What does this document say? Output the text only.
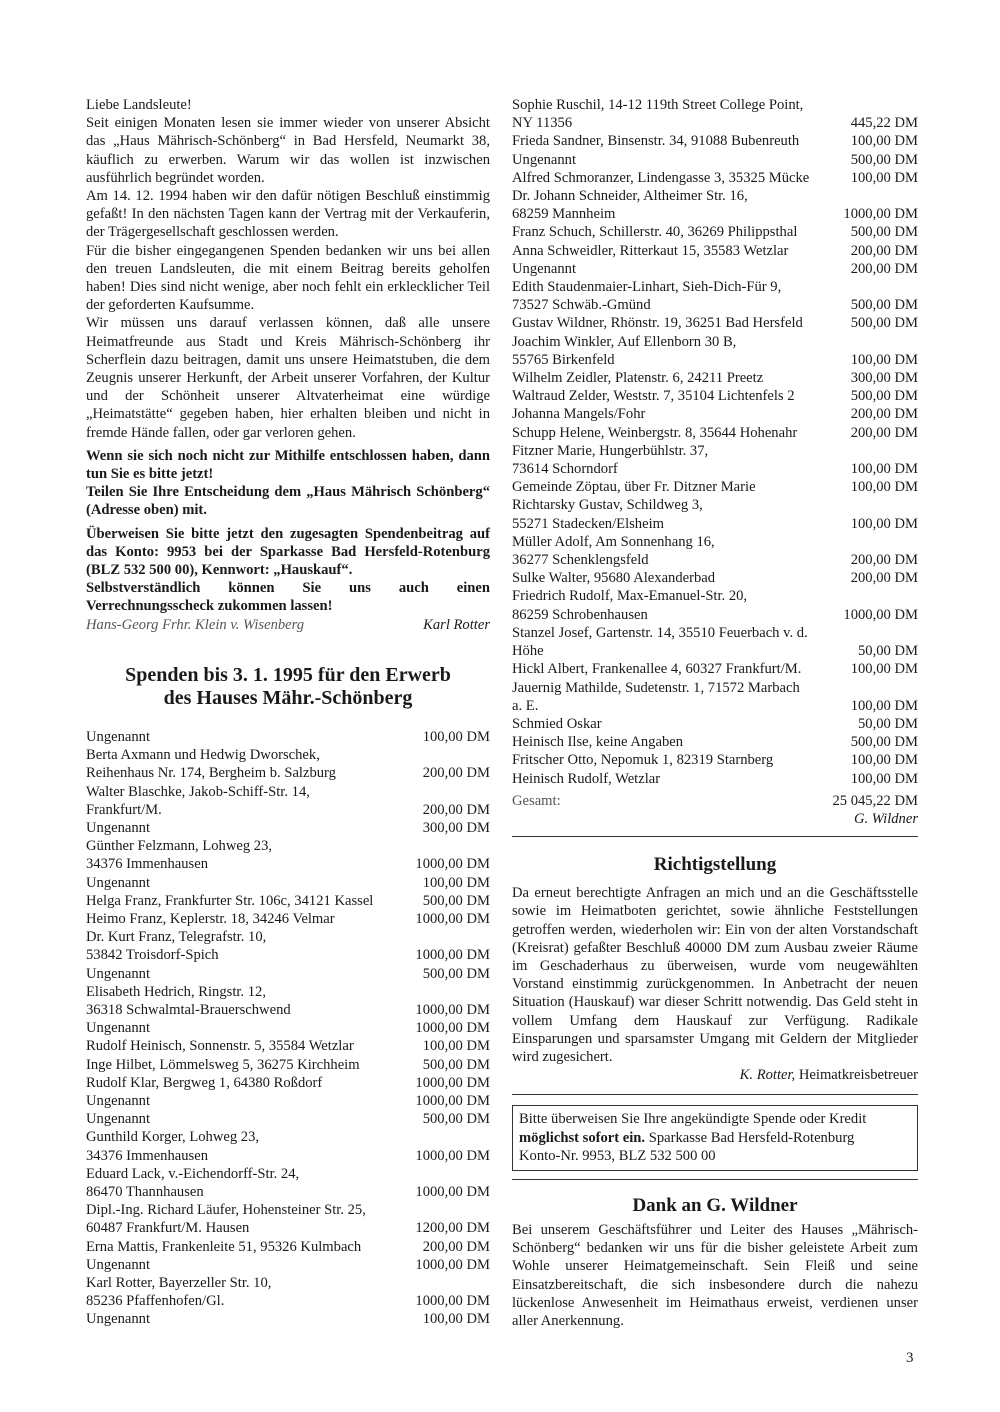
Liebe Landsleute!

Seit einigen Monaten lesen sie immer wieder von unserer Absicht das „Haus Mährisch-Schönberg“ in Bad Hersfeld, Neumarkt 38, käuflich zu erwerben. Warum wir das wollen ist inzwischen ausführlich begründet worden.

Am 14. 12. 1994 haben wir den dafür nötigen Beschluß einstimmig gefaßt! In den nächsten Tagen kann der Vertrag mit der Verkauferin, der Trägergesellschaft geschlossen werden.

Für die bisher eingegangenen Spenden bedanken wir uns bei allen den treuen Landsleuten, die mit einem Beitrag bereits geholfen haben! Dies sind nicht wenige, aber noch fehlt ein erklecklicher Teil der geforderten Kaufsumme.

Wir müssen uns darauf verlassen können, daß alle unsere Heimatfreunde aus Stadt und Kreis Mährisch-Schönberg ihr Scherflein dazu beitragen, damit uns unsere Heimatstuben, die dem Zeugnis unserer Herkunft, der Arbeit unserer Vorfahren, der Kultur und der Schönheit unserer Altvaterheimat eine würdige „Heimatstätte“ gegeben haben, hier erhalten bleiben und nicht in fremde Hände fallen, oder gar verloren gehen.

Wenn sie sich noch nicht zur Mithilfe entschlossen haben, dann tun Sie es bitte jetzt!

Teilen Sie Ihre Entscheidung dem „Haus Mährisch Schönberg“ (Adresse oben) mit.

Überweisen Sie bitte jetzt den zugesagten Spendenbeitrag auf das Konto: 9953 bei der Sparkasse Bad Hersfeld-Rotenburg (BLZ 532 500 00), Kennwort: „Hauskauf“.

Selbstverständlich können Sie uns auch einen Verrechnungsscheck zukommen lassen!

Hans-Georg Frhr. Klein v. Wisenberg	Karl Rotter
Spenden bis 3. 1. 1995 für den Erwerb
des Hauses Mähr.-Schönberg
Ungenannt	100,00 DM
Berta Axmann und Hedwig Dworschek,
Reihenhaus Nr. 174, Bergheim b. Salzburg	200,00 DM
Walter Blaschke, Jakob-Schiff-Str. 14,
Frankfurt/M.	200,00 DM
Ungenannt	300,00 DM
Günther Felzmann, Lohweg 23,
34376 Immenhausen	1000,00 DM
Ungenannt	100,00 DM
Helga Franz, Frankfurter Str. 106c, 34121 Kassel	500,00 DM
Heimo Franz, Keplerstr. 18, 34246 Velmar	1000,00 DM
Dr. Kurt Franz, Telegrafstr. 10,
53842 Troisdorf-Spich	1000,00 DM
Ungenannt	500,00 DM
Elisabeth Hedrich, Ringstr. 12,
36318 Schwalmtal-Brauerschwend	1000,00 DM
Ungenannt	1000,00 DM
Rudolf Heinisch, Sonnenstr. 5, 35584 Wetzlar	100,00 DM
Inge Hilbet, Lömmelsweg 5, 36275 Kirchheim	500,00 DM
Rudolf Klar, Bergweg 1, 64380 Roßdorf	1000,00 DM
Ungenannt	1000,00 DM
Ungenannt	500,00 DM
Gunthild Korger, Lohweg 23,
34376 Immenhausen	1000,00 DM
Eduard Lack, v.-Eichendorff-Str. 24,
86470 Thannhausen	1000,00 DM
Dipl.-Ing. Richard Läufer, Hohensteiner Str. 25,
60487 Frankfurt/M. Hausen	1200,00 DM
Erna Mattis, Frankenleite 51, 95326 Kulmbach	200,00 DM
Ungenannt	1000,00 DM
Karl Rotter, Bayerzeller Str. 10,
85236 Pfaffenhofen/Gl.	1000,00 DM
Ungenannt	100,00 DM
Sophie Ruschil, 14-12 119th Street College Point,
NY 11356	445,22 DM
Frieda Sandner, Binsenstr. 34, 91088 Bubenreuth	100,00 DM
Ungenannt	500,00 DM
Alfred Schmoranzer, Lindengasse 3, 35325 Mücke	100,00 DM
Dr. Johann Schneider, Altheimer Str. 16,
68259 Mannheim	1000,00 DM
Franz Schuch, Schillerstr. 40, 36269 Philippsthal	500,00 DM
Anna Schweidler, Ritterkaut 15, 35583 Wetzlar	200,00 DM
Ungenannt	200,00 DM
Edith Staudenmaier-Linhart, Sieh-Dich-Für 9,
73527 Schwäb.-Gmünd	500,00 DM
Gustav Wildner, Rhönstr. 19, 36251 Bad Hersfeld	500,00 DM
Joachim Winkler, Auf Ellenborn 30 B,
55765 Birkenfeld	100,00 DM
Wilhelm Zeidler, Platenstr. 6, 24211 Preetz	300,00 DM
Waltraud Zelder, Weststr. 7, 35104 Lichtenfels 2	500,00 DM
Johanna Mangels/Fohr	200,00 DM
Schupp Helene, Weinbergstr. 8, 35644 Hohenahr	200,00 DM
Fitzner Marie, Hungerbühlstr. 37,
73614 Schorndorf	100,00 DM
Gemeinde Zöptau, über Fr. Ditzner Marie	100,00 DM
Richtarsky Gustav, Schildweg 3,
55271 Stadecken/Elsheim	100,00 DM
Müller Adolf, Am Sonnenhang 16,
36277 Schenklengsfeld	200,00 DM
Sulke Walter, 95680 Alexanderbad	200,00 DM
Friedrich Rudolf, Max-Emanuel-Str. 20,
86259 Schrobenhausen	1000,00 DM
Stanzel Josef, Gartenstr. 14, 35510 Feuerbach v. d.
Höhe	50,00 DM
Hickl Albert, Frankenallee 4, 60327 Frankfurt/M.	100,00 DM
Jauernig Mathilde, Sudetenstr. 1, 71572 Marbach
a. E.	100,00 DM
Schmied Oskar	50,00 DM
Heinisch Ilse, keine Angaben	500,00 DM
Fritscher Otto, Nepomuk 1, 82319 Starnberg	100,00 DM
Heinisch Rudolf, Wetzlar	100,00 DM
Gesamt:	25 045,22 DM
G. Wildner
Richtigstellung

Da erneut berechtigte Anfragen an mich und an die Geschäftsstelle sowie im Heimatboten gerichtet, sowie ähnliche Feststellungen getroffen werden, wiederholen wir: Ein von der alten Vorstandschaft (Kreisrat) gefaßter Beschluß 40000 DM zum Ausbau zweier Räume im Geschaderhaus zu überweisen, wurde vom neugewählten Vorstand einstimmig zurückgenommen. In Anbetracht der neuen Situation (Hauskauf) war dieser Schritt notwendig. Das Geld steht in vollem Umfang dem Hauskauf zur Verfügung. Radikale Einsparungen und sparsamster Umgang mit Geldern der Mitglieder wird zugesichert.

K. Rotter, Heimatkreisbetreuer
Bitte überweisen Sie Ihre angekündigte Spende oder Kredit
möglichst sofort ein. Sparkasse Bad Hersfeld-Rotenburg
Konto-Nr. 9953, BLZ 532 500 00
Dank an G. Wildner

Bei unserem Geschäftsführer und Leiter des Hauses „Mährisch-Schönberg“ bedanken wir uns für die bisher geleistete Arbeit zum Wohle unserer Heimatgemeinschaft. Sein Fleiß und seine Einsatzbereitschaft, die sich insbesondere durch die nahezu lückenlose Anwesenheit im Heimathaus erweist, verdienen unser aller Anerkennung.

3
